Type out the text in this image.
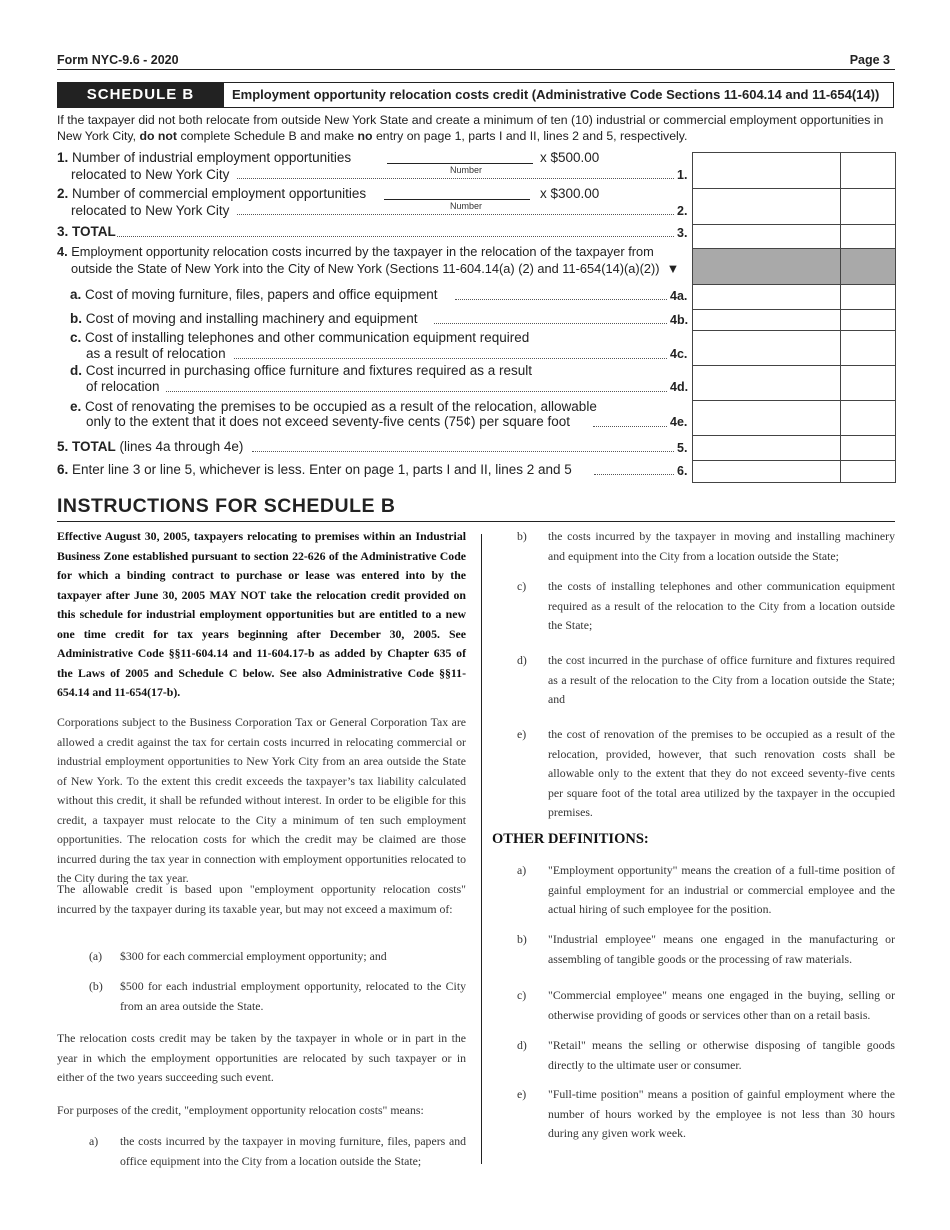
Form NYC-9.6 - 2020	Page 3
SCHEDULE B	Employment opportunity relocation costs credit (Administrative Code Sections 11-604.14 and 11-654(14))
If the taxpayer did not both relocate from outside New York State and create a minimum of ten (10) industrial or commercial employment opportunities in New York City, do not complete Schedule B and make no entry on page 1, parts I and II, lines 2 and 5, respectively.
1. Number of industrial employment opportunities
relocated to New York City	Number
x $500.00
1.
2. Number of commercial employment opportunities
relocated to New York City	Number
x $300.00
2.
3. TOTAL	3.
4. Employment opportunity relocation costs incurred by the taxpayer in the relocation of the taxpayer from
outside the State of New York into the City of New York (Sections 11-604.14(a) (2) and 11-654(14)(a)(2)) ▼
a. Cost of moving furniture, files, papers and office equipment	4a.
b. Cost of moving and installing machinery and equipment	4b.
c. Cost of installing telephones and other communication equipment required
as a result of relocation	4c.
d. Cost incurred in purchasing office furniture and fixtures required as a result
of relocation	4d.
e. Cost of renovating the premises to be occupied as a result of the relocation, allowable
only to the extent that it does not exceed seventy-five cents (75¢) per square foot	4e.
5. TOTAL (lines 4a through 4e)	5.
6. Enter line 3 or line 5, whichever is less. Enter on page 1, parts I and II, lines 2 and 5	6.

INSTRUCTIONS FOR SCHEDULE B
Effective August 30, 2005, taxpayers relocating to premises within an Industrial Business Zone established pursuant to section 22-626 of the Administrative Code for which a binding contract to purchase or lease was entered into by the taxpayer after June 30, 2005 MAY NOT take the relocation credit provided on this schedule for industrial employment opportunities but are entitled to a new one time credit for tax years beginning after December 30, 2005. See Administrative Code §§11-604.14 and 11-604.17-b as added by Chapter 635 of the Laws of 2005 and Schedule C below. See also Administrative Code §§11-654.14 and 11-654(17-b).
Corporations subject to the Business Corporation Tax or General Corporation Tax are allowed a credit against the tax for certain costs incurred in relocating commercial or industrial employment opportunities to New York City from an area outside the State of New York. To the extent this credit exceeds the taxpayer’s tax liability calculated without this credit, it shall be refunded without interest. In order to be eligible for this credit, a taxpayer must relocate to the City a minimum of ten such employment opportunities. The relocation costs for which the credit may be claimed are those incurred during the tax year in connection with employment opportunities relocated to the City during the tax year.
The allowable credit is based upon "employment opportunity relocation costs" incurred by the taxpayer during its taxable year, but may not exceed a maximum of:
(a) $300 for each commercial employment opportunity; and
(b) $500 for each industrial employment opportunity, relocated to the City from an area outside the State.
The relocation costs credit may be taken by the taxpayer in whole or in part in the year in which the employment opportunities are relocated by such taxpayer or in either of the two years succeeding such event.
For purposes of the credit, "employment opportunity relocation costs" means:
a) the costs incurred by the taxpayer in moving furniture, files, papers and office equipment into the City from a location outside the State;
b) the costs incurred by the taxpayer in moving and installing machinery and equipment into the City from a location outside the State;
c) the costs of installing telephones and other communication equipment required as a result of the relocation to the City from a location outside the State;
d) the cost incurred in the purchase of office furniture and fixtures required as a result of the relocation to the City from a location outside the State; and
e) the cost of renovation of the premises to be occupied as a result of the relocation, provided, however, that such renovation costs shall be allowable only to the extent that they do not exceed seventy-five cents per square foot of the total area utilized by the taxpayer in the occupied premises.
OTHER DEFINITIONS:
a) "Employment opportunity" means the creation of a full-time position of gainful employment for an industrial or commercial employee and the actual hiring of such employee for the position.
b) "Industrial employee" means one engaged in the manufacturing or assembling of tangible goods or the processing of raw materials.
c) "Commercial employee" means one engaged in the buying, selling or otherwise providing of goods or services other than on a retail basis.
d) "Retail" means the selling or otherwise disposing of tangible goods directly to the ultimate user or consumer.
e) "Full-time position" means a position of gainful employment where the number of hours worked by the employee is not less than 30 hours during any given work week.
